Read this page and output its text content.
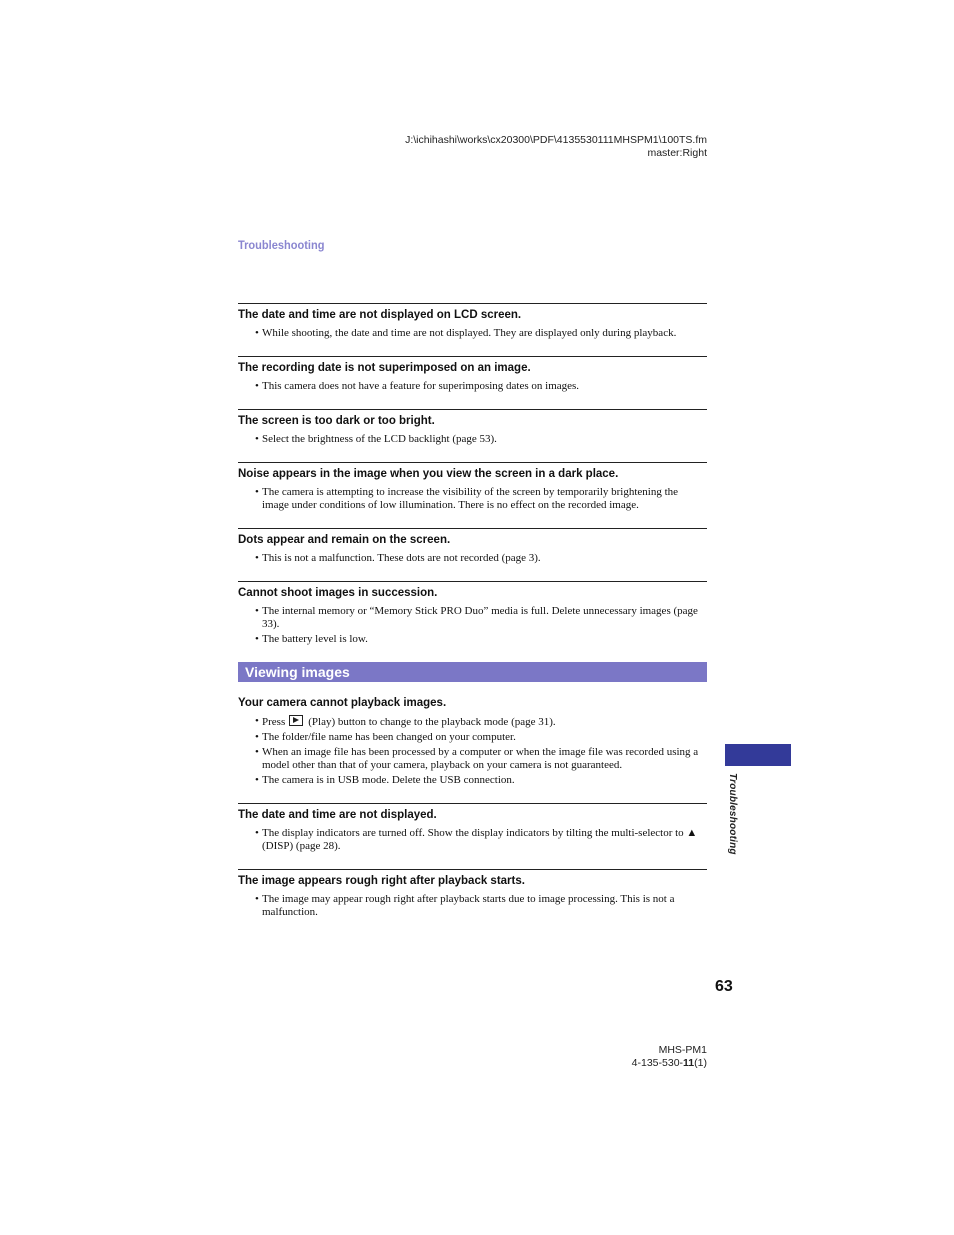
J:\ichihashi\works\cx20300\PDF\4135530111MHSPM1\100TS.fm
master:Right
Troubleshooting
The date and time are not displayed on LCD screen.
• While shooting, the date and time are not displayed. They are displayed only during playback.
The recording date is not superimposed on an image.
• This camera does not have a feature for superimposing dates on images.
The screen is too dark or too bright.
• Select the brightness of the LCD backlight (page 53).
Noise appears in the image when you view the screen in a dark place.
• The camera is attempting to increase the visibility of the screen by temporarily brightening the image under conditions of low illumination. There is no effect on the recorded image.
Dots appear and remain on the screen.
• This is not a malfunction. These dots are not recorded (page 3).
Cannot shoot images in succession.
• The internal memory or “Memory Stick PRO Duo” media is full. Delete unnecessary images (page 33).
• The battery level is low.
Viewing images
Your camera cannot playback images.
• Press (Play) button to change to the playback mode (page 31).
• The folder/file name has been changed on your computer.
• When an image file has been processed by a computer or when the image file was recorded using a model other than that of your camera, playback on your camera is not guaranteed.
• The camera is in USB mode. Delete the USB connection.
The date and time are not displayed.
• The display indicators are turned off. Show the display indicators by tilting the multi-selector to ▲ (DISP) (page 28).
The image appears rough right after playback starts.
• The image may appear rough right after playback starts due to image processing. This is not a malfunction.
Troubleshooting
63
MHS-PM1
4-135-530-11(1)
